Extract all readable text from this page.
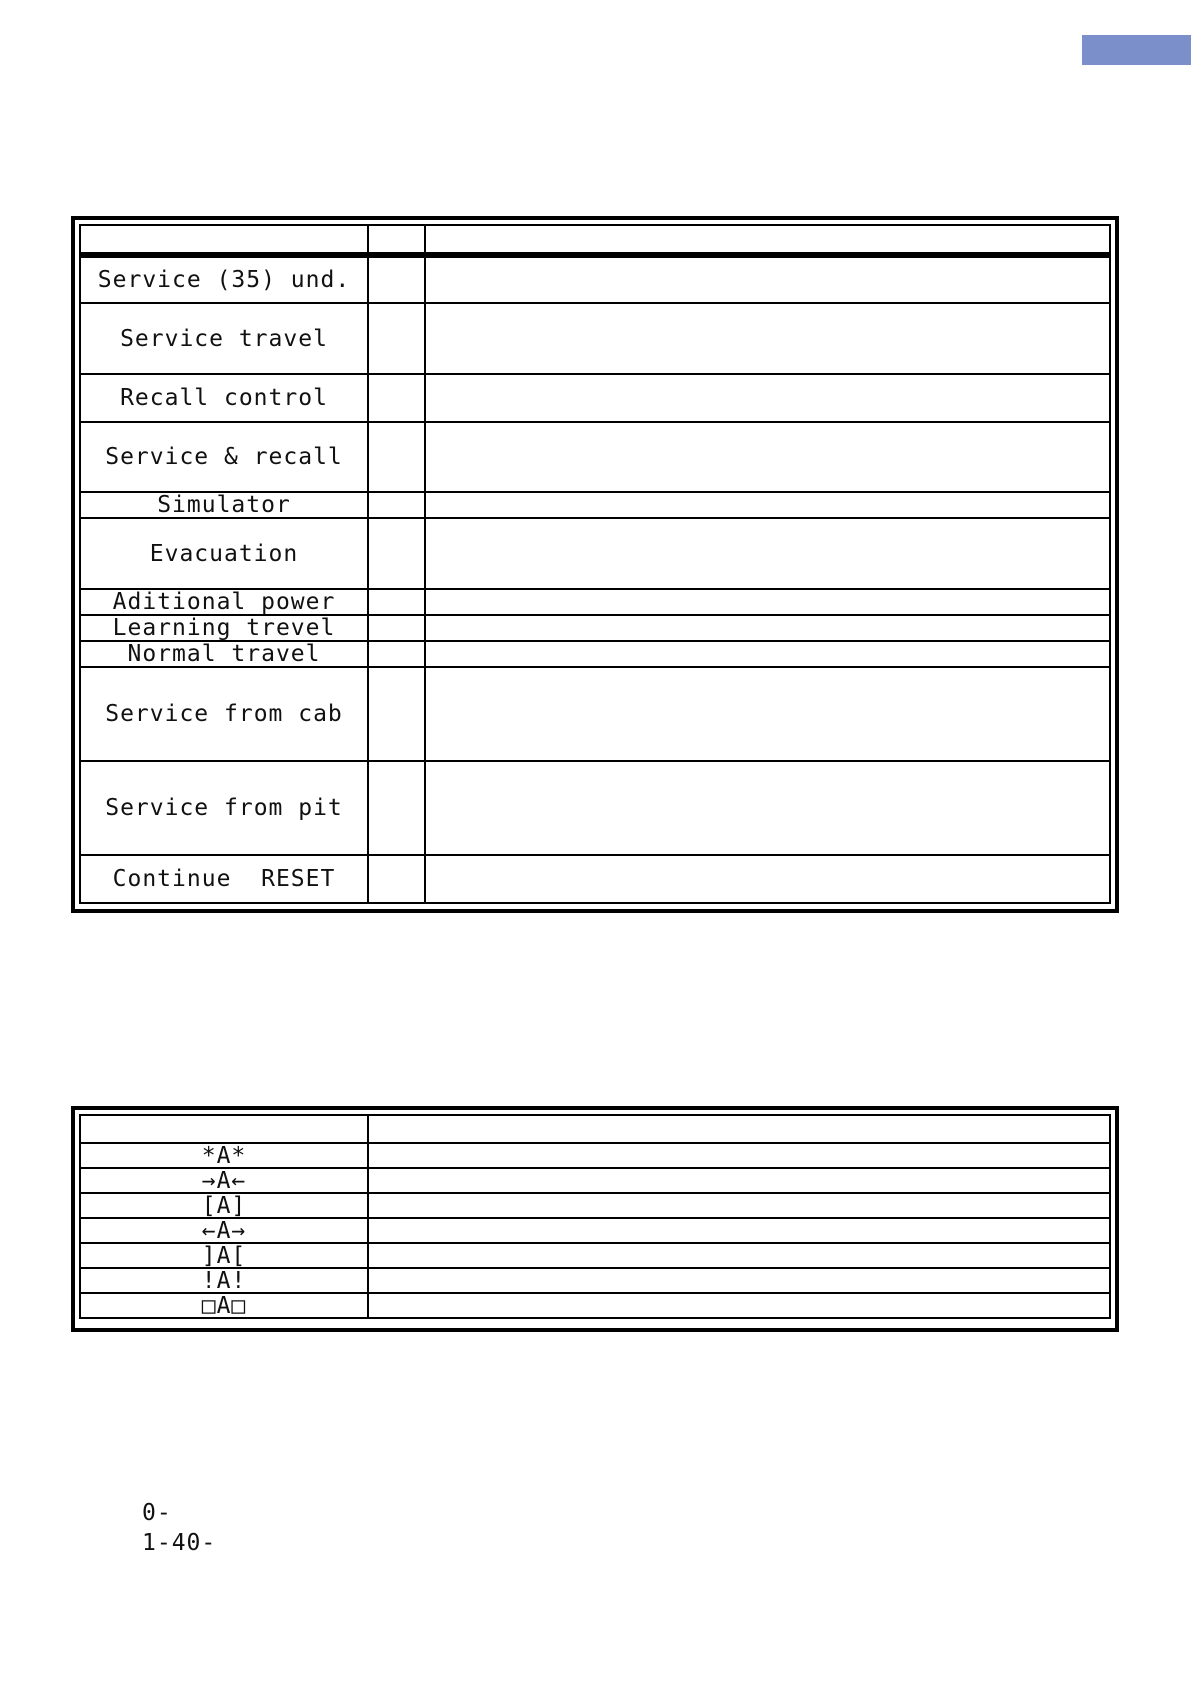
Service (35) und.		
Service travel		
Recall control		
Service & recall		
Simulator		
Evacuation		
Aditional power		
Learning trevel		
Normal travel		
Service from cab		
Service from pit		
Continue  RESET		

*A*	
→A←	
[A]	
←A→	
]A[	
!A!	
□A□	
0-
1-40-
